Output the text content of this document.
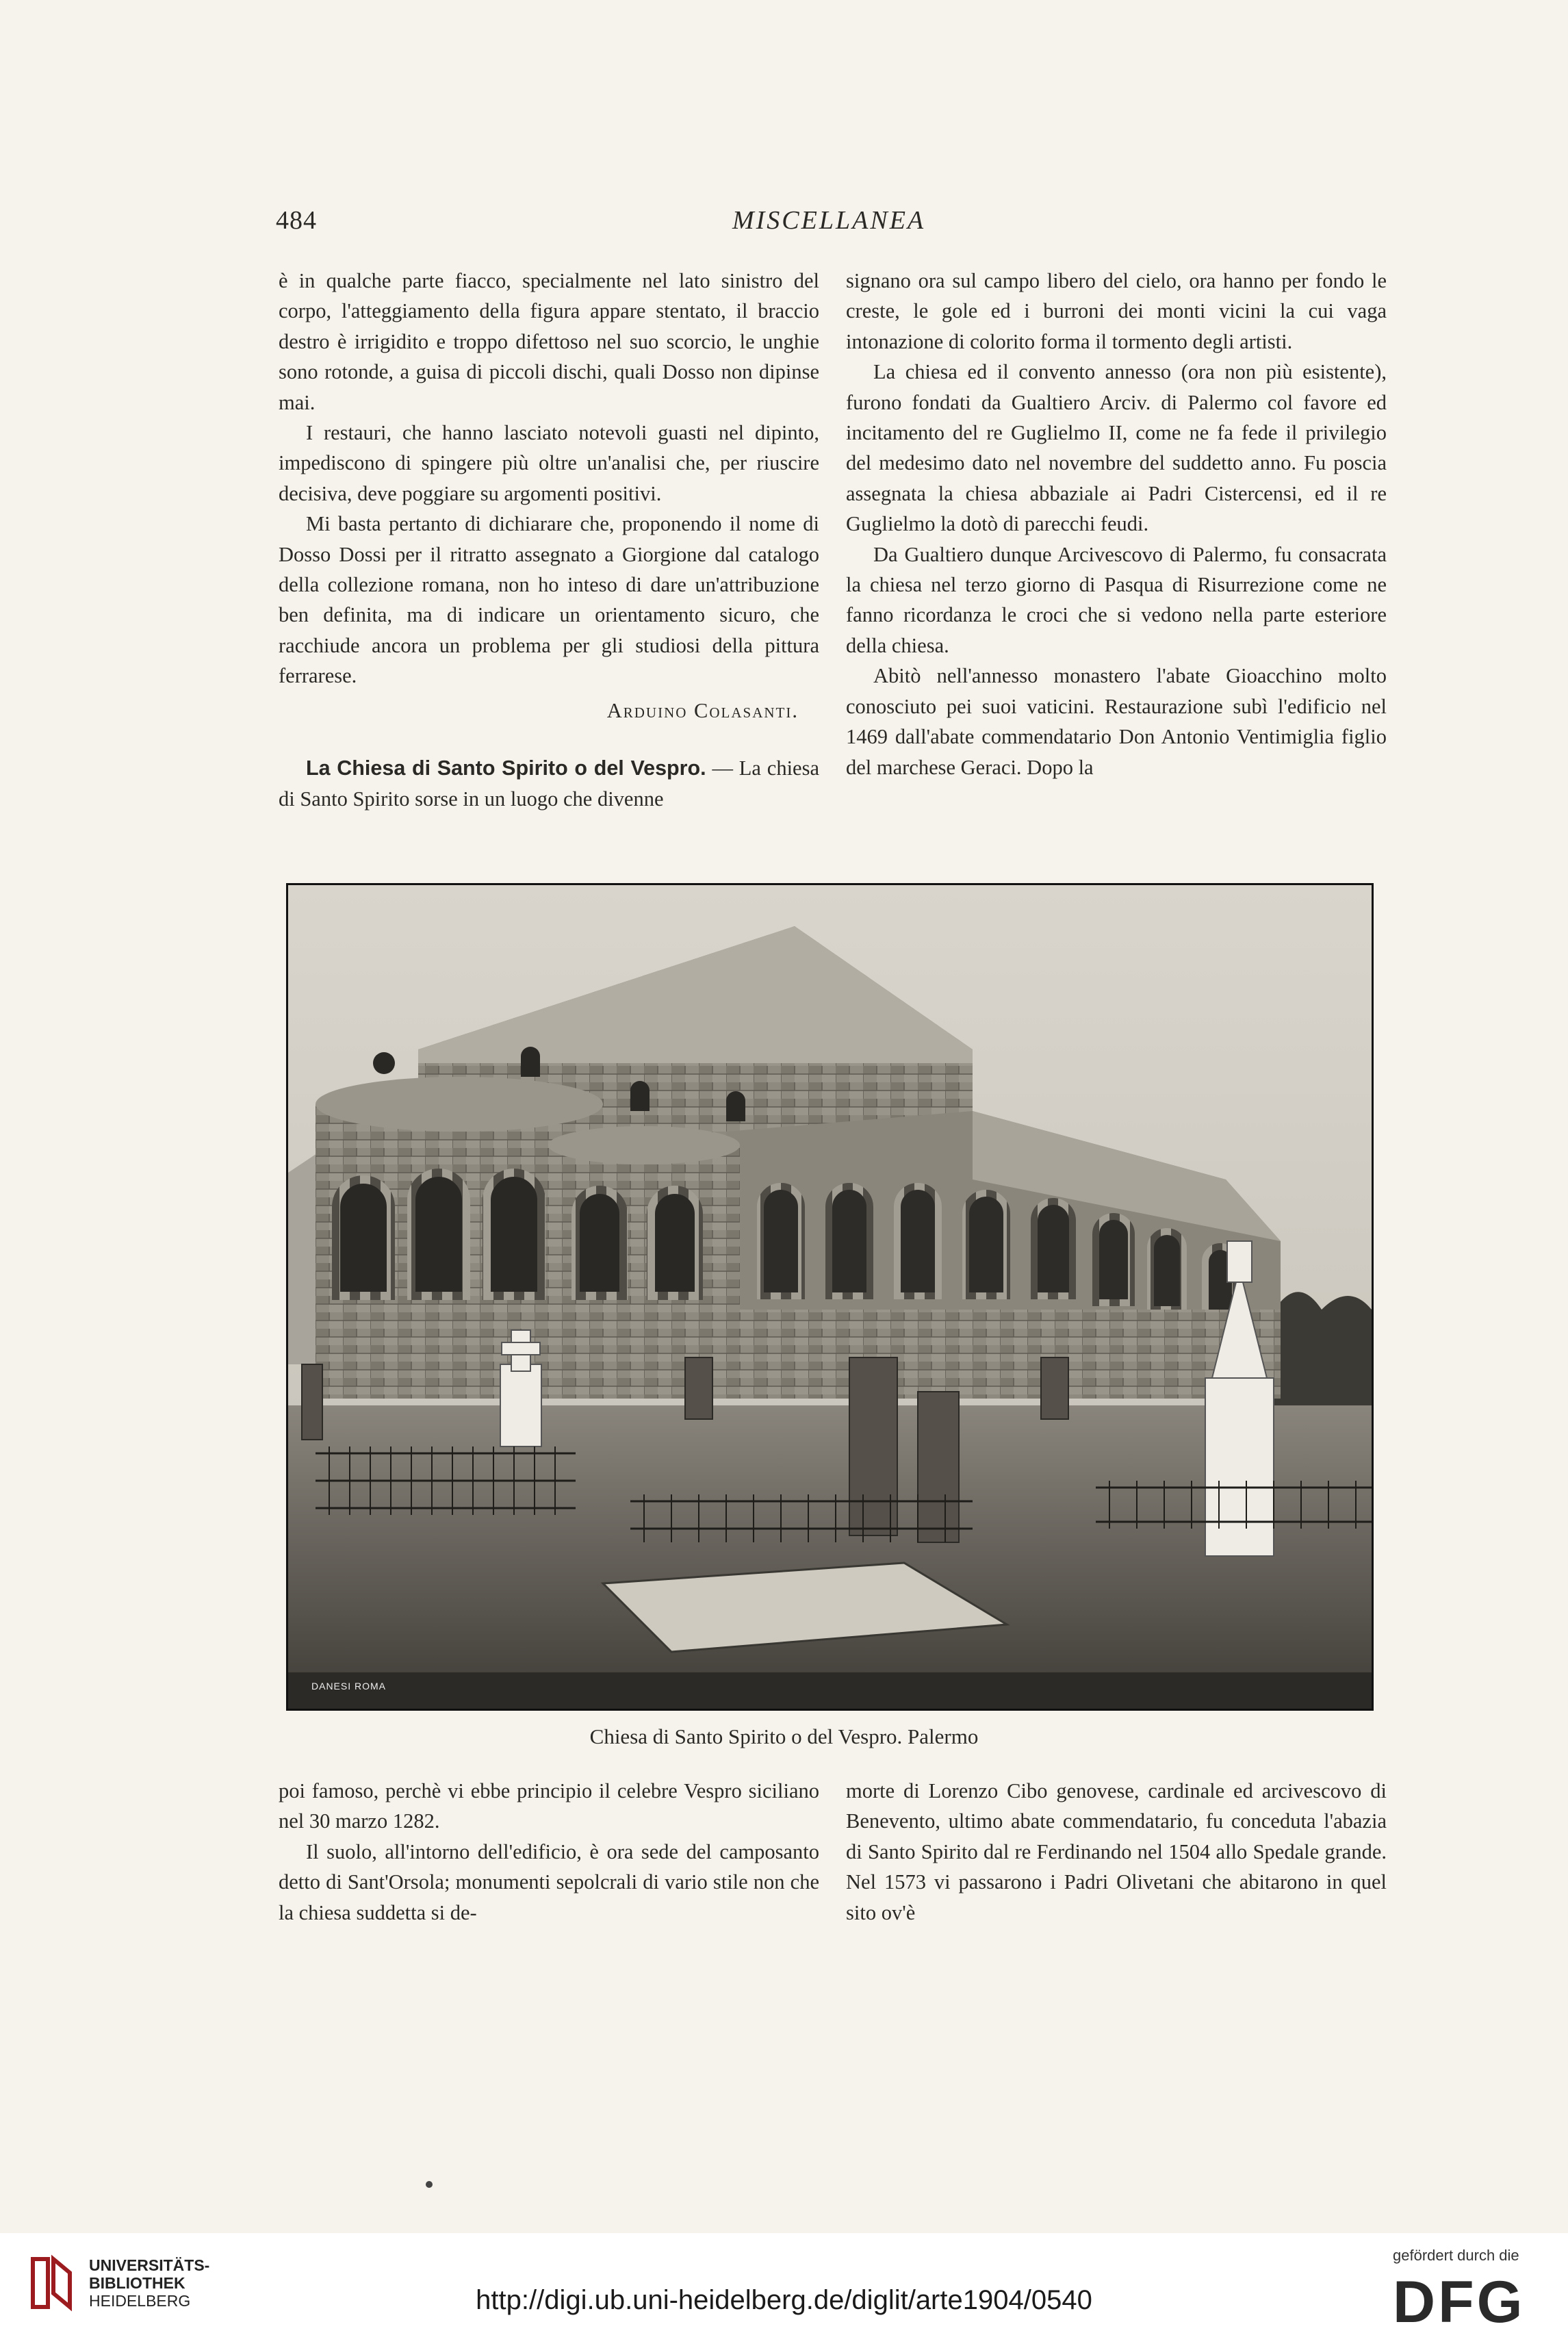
484	MISCELLANEA

è in qualche parte fiacco, specialmente nel lato sinistro del corpo, l'atteggiamento della figura appare stentato, il braccio destro è irrigidito e troppo difettoso nel suo scorcio, le unghie sono rotonde, a guisa di piccoli dischi, quali Dosso non dipinse mai.

I restauri, che hanno lasciato notevoli guasti nel dipinto, impediscono di spingere più oltre un'analisi che, per riuscire decisiva, deve poggiare su argomenti positivi.

Mi basta pertanto di dichiarare che, proponendo il nome di Dosso Dossi per il ritratto assegnato a Giorgione dal catalogo della collezione romana, non ho inteso di dare un'attribuzione ben definita, ma di indicare un orientamento sicuro, che racchiude ancora un problema per gli studiosi della pittura ferrarese.

Arduino Colasanti.

La Chiesa di Santo Spirito o del Vespro. — La chiesa di Santo Spirito sorse in un luogo che divenne

signano ora sul campo libero del cielo, ora hanno per fondo le creste, le gole ed i burroni dei monti vicini la cui vaga intonazione di colorito forma il tormento degli artisti.

La chiesa ed il convento annesso (ora non più esistente), furono fondati da Gualtiero Arciv. di Palermo col favore ed incitamento del re Guglielmo II, come ne fa fede il privilegio del medesimo dato nel novembre del suddetto anno. Fu poscia assegnata la chiesa abbaziale ai Padri Cistercensi, ed il re Guglielmo la dotò di parecchi feudi.

Da Gualtiero dunque Arcivescovo di Palermo, fu consacrata la chiesa nel terzo giorno di Pasqua di Risurrezione come ne fanno ricordanza le croci che si vedono nella parte esteriore della chiesa.

Abitò nell'annesso monastero l'abate Gioacchino molto conosciuto pei suoi vaticini. Restaurazione subì l'edificio nel 1469 dall'abate commendatario Don Antonio Ventimiglia figlio del marchese Geraci. Dopo la

DANESI ROMA
Chiesa di Santo Spirito o del Vespro. Palermo

poi famoso, perchè vi ebbe principio il celebre Vespro siciliano nel 30 marzo 1282.

Il suolo, all'intorno dell'edificio, è ora sede del camposanto detto di Sant'Orsola; monumenti sepolcrali di vario stile non che la chiesa suddetta si de-

morte di Lorenzo Cibo genovese, cardinale ed arcivescovo di Benevento, ultimo abate commendatario, fu conceduta l'abazia di Santo Spirito dal re Ferdinando nel 1504 allo Spedale grande. Nel 1573 vi passarono i Padri Olivetani che abitarono in quel sito ov'è

UNIVERSITÄTS-
BIBLIOTHEK
HEIDELBERG	http://digi.ub.uni-heidelberg.de/diglit/arte1904/0540
gefördert durch die
DFG
